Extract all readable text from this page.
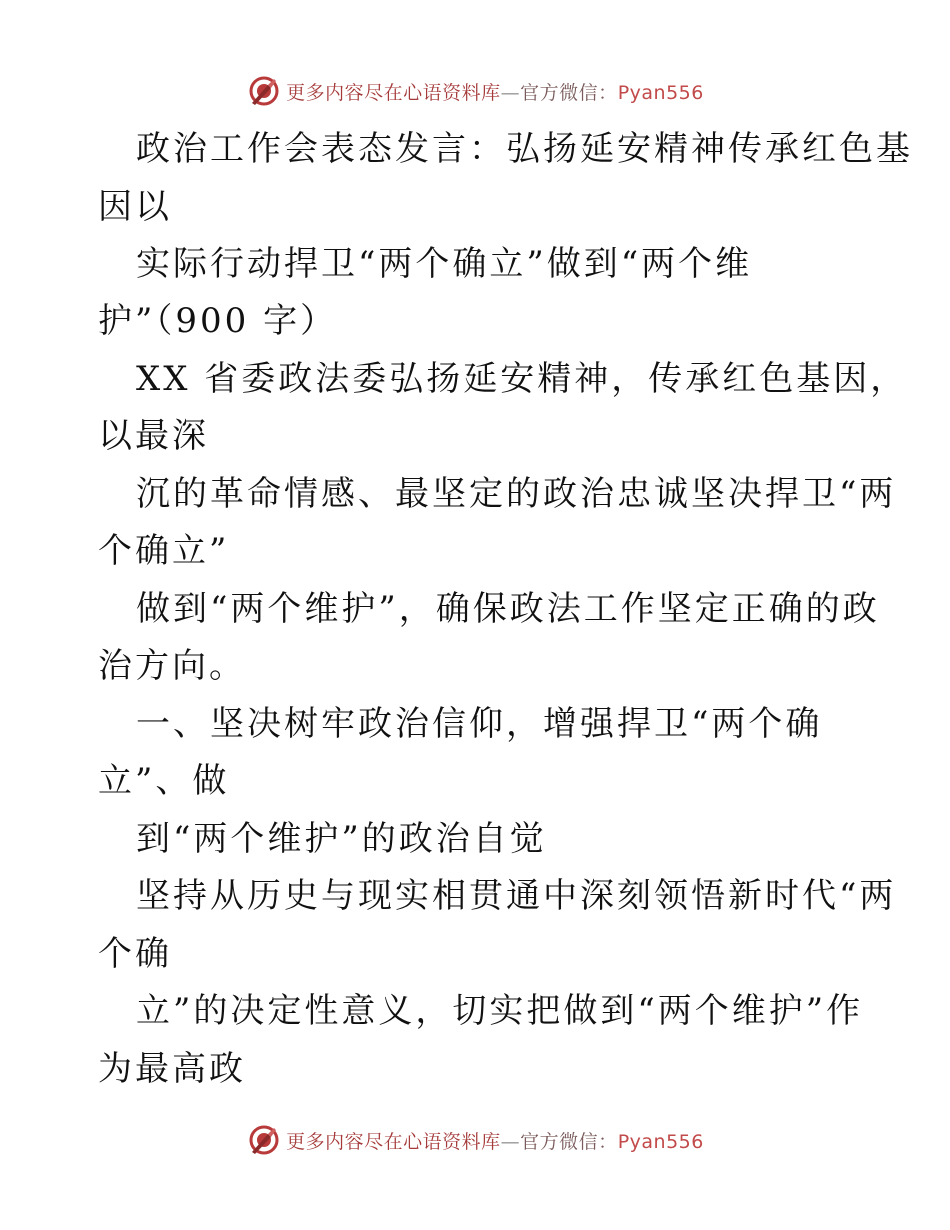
更多内容尽在心语资料库—官方微信：Pyan556
政治工作会表态发言：弘扬延安精神传承红色基
因以
实际行动捍卫“两个确立”做到“两个维
护”（900 字）
XX 省委政法委弘扬延安精神，传承红色基因，
以最深
沉的革命情感、最坚定的政治忠诚坚决捍卫“两
个确立”
做到“两个维护”，确保政法工作坚定正确的政
治方向。
一、坚决树牢政治信仰，增强捍卫“两个确
立”、做
到“两个维护”的政治自觉
坚持从历史与现实相贯通中深刻领悟新时代“两
个确
立”的决定性意义，切实把做到“两个维护”作
为最高政
更多内容尽在心语资料库—官方微信：Pyan556
